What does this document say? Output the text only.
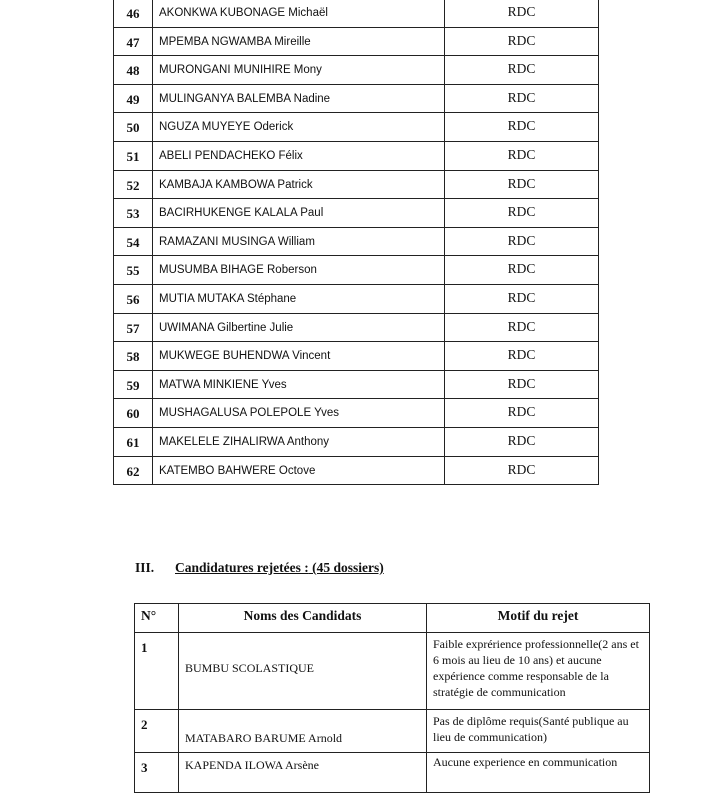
46	AKONKWA KUBONAGE Michaël	RDC
47	MPEMBA NGWAMBA Mireille	RDC
48	MURONGANI MUNIHIRE Mony	RDC
49	MULINGANYA BALEMBA Nadine	RDC
50	NGUZA MUYEYE Oderick	RDC
51	ABELI PENDACHEKO Félix	RDC
52	KAMBAJA KAMBOWA Patrick	RDC
53	BACIRHUKENGE KALALA Paul	RDC
54	RAMAZANI MUSINGA William	RDC
55	MUSUMBA BIHAGE Roberson	RDC
56	MUTIA MUTAKA Stéphane	RDC
57	UWIMANA Gilbertine Julie	RDC
58	MUKWEGE BUHENDWA Vincent	RDC
59	MATWA MINKIENE Yves	RDC
60	MUSHAGALUSA POLEPOLE Yves	RDC
61	MAKELELE ZIHALIRWA Anthony	RDC
62	KATEMBO BAHWERE Octove	RDC
III. Candidatures rejetées : (45 dossiers)
N°	Noms des Candidats	Motif du rejet
1	BUMBU SCOLASTIQUE	Faible exprérience professionnelle(2 ans et 6 mois au lieu de 10 ans) et aucune expérience comme responsable de la stratégie de communication
2	MATABARO BARUME Arnold	Pas de diplôme requis(Santé publique au lieu de communication)
3	KAPENDA ILOWA Arsène	Aucune experience en communication
